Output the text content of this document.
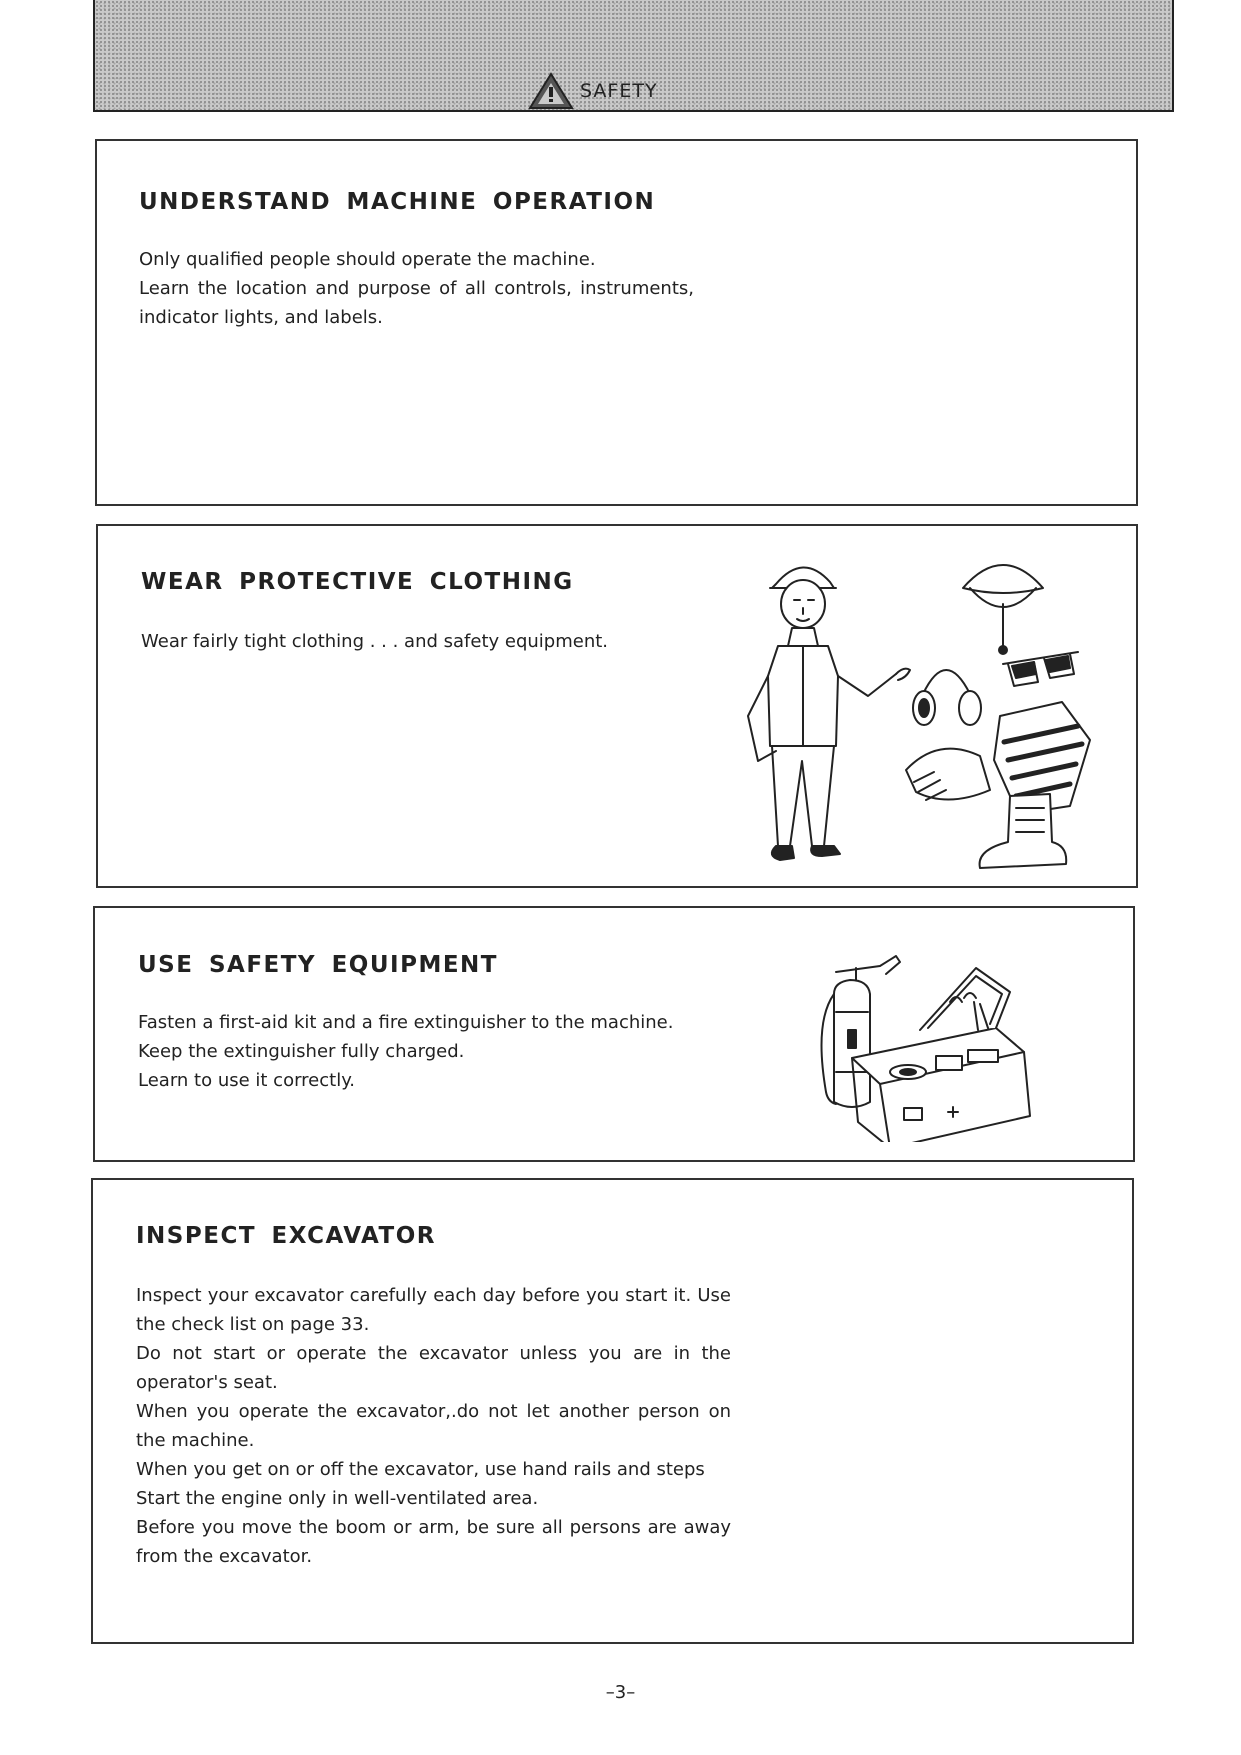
SAFETY
UNDERSTAND MACHINE OPERATION

Only qualified people should operate the machine.

Learn the location and purpose of all controls, instruments, indicator lights, and labels.

WEAR PROTECTIVE CLOTHING

Wear fairly tight clothing . . . and safety equipment.

USE SAFETY EQUIPMENT

Fasten a first-aid kit and a fire extinguisher to the machine.

Keep the extinguisher fully charged.

Learn to use it correctly.

INSPECT EXCAVATOR

Inspect your excavator carefully each day before you start it. Use the check list on page 33.

Do not start or operate the excavator unless you are in the operator's seat.

When you operate the excavator,.do not let another person on the machine.

When you get on or off the excavator, use hand rails and steps

Start the engine only in well-ventilated area.

Before you move the boom or arm, be sure all persons are away from the excavator.

–3–
